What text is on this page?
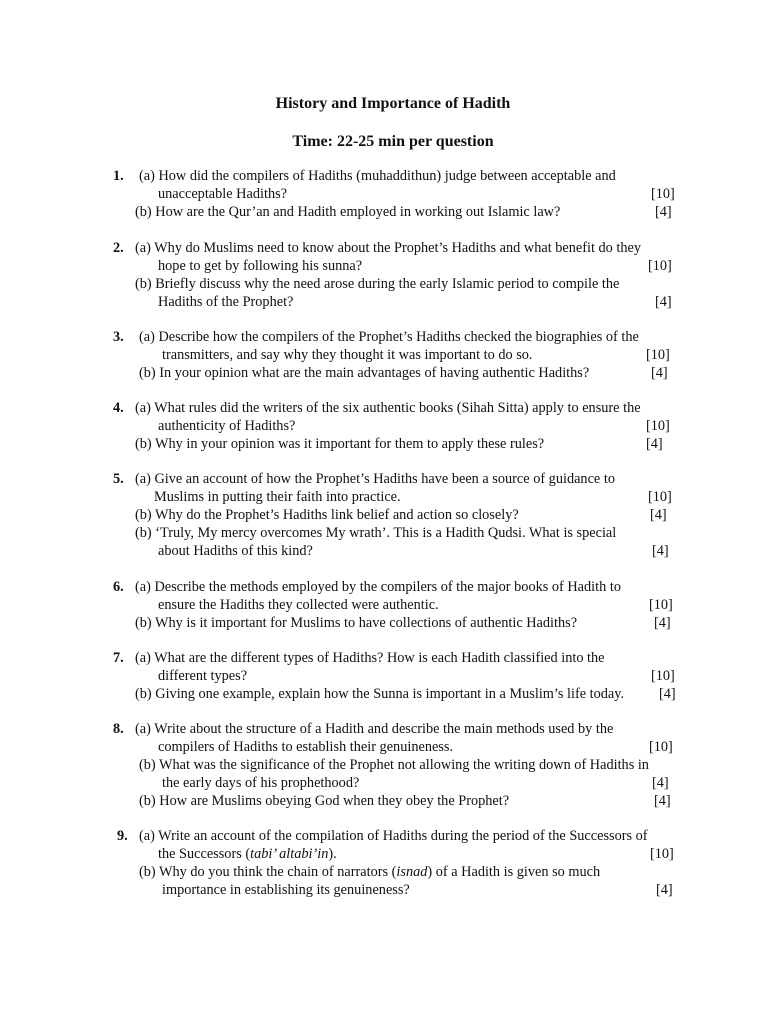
History and Importance of Hadith
Time: 22-25 min per question
1. (a) How did the compilers of Hadiths (muhaddithun) judge between acceptable and
unacceptable Hadiths?	[10]
(b) How are the Qur’an and Hadith employed in working out Islamic law?	[4]
2. (a) Why do Muslims need to know about the Prophet’s Hadiths and what benefit do they
hope to get by following his sunna?	[10]
(b) Briefly discuss why the need arose during the early Islamic period to compile the
Hadiths of the Prophet?	[4]
3. (a) Describe how the compilers of the Prophet’s Hadiths checked the biographies of the
transmitters, and say why they thought it was important to do so.	[10]
(b) In your opinion what are the main advantages of having authentic Hadiths?	[4]
4. (a) What rules did the writers of the six authentic books (Sihah Sitta) apply to ensure the
authenticity of Hadiths?	[10]
(b) Why in your opinion was it important for them to apply these rules?	[4]
5. (a) Give an account of how the Prophet’s Hadiths have been a source of guidance to
Muslims in putting their faith into practice.	[10]
(b) Why do the Prophet’s Hadiths link belief and action so closely?	[4]
(b) ‘Truly, My mercy overcomes My wrath’. This is a Hadith Qudsi. What is special
about Hadiths of this kind?	[4]
6. (a) Describe the methods employed by the compilers of the major books of Hadith to
ensure the Hadiths they collected were authentic.	[10]
(b) Why is it important for Muslims to have collections of authentic Hadiths?	[4]
7. (a) What are the different types of Hadiths? How is each Hadith classified into the
different types?	[10]
(b) Giving one example, explain how the Sunna is important in a Muslim’s life today. [4]
8. (a) Write about the structure of a Hadith and describe the main methods used by the
compilers of Hadiths to establish their genuineness.	[10]
(b) What was the significance of the Prophet not allowing the writing down of Hadiths in
the early days of his prophethood?	[4]
(b) How are Muslims obeying God when they obey the Prophet?	[4]
9. (a) Write an account of the compilation of Hadiths during the period of the Successors of
the Successors (tabi’ altabi’in).	[10]
(b) Why do you think the chain of narrators (isnad) of a Hadith is given so much
importance in establishing its genuineness?	[4]
